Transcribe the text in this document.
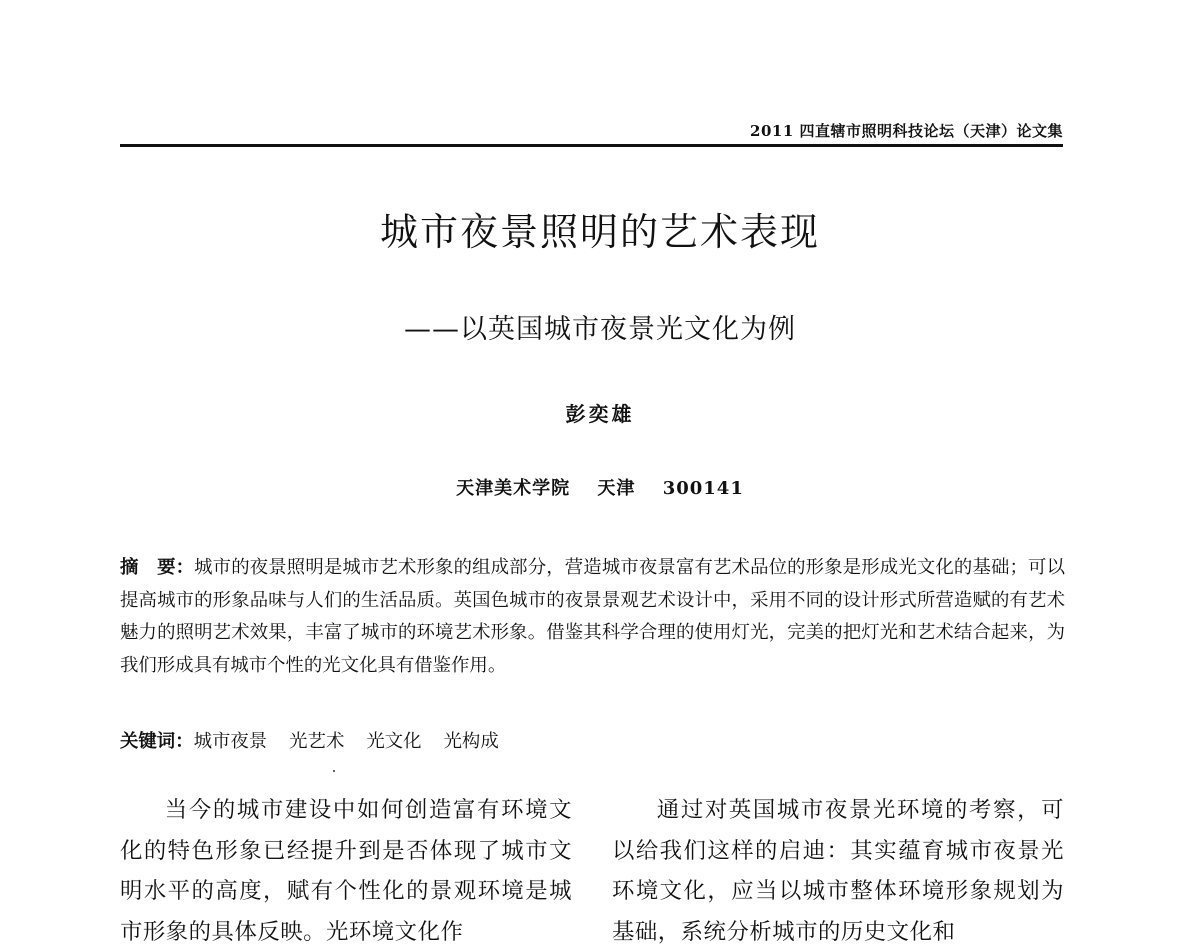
2011 四直辖市照明科技论坛（天津）论文集
城市夜景照明的艺术表现
——以英国城市夜景光文化为例
彭奕雄
天津美术学院 天津 300141
摘　要：城市的夜景照明是城市艺术形象的组成部分，营造城市夜景富有艺术品位的形象是形成光文化的基础；可以提高城市的形象品味与人们的生活品质。英国色城市的夜景景观艺术设计中，采用不同的设计形式所营造赋的有艺术魅力的照明艺术效果，丰富了城市的环境艺术形象。借鉴其科学合理的使用灯光，完美的把灯光和艺术结合起来，为我们形成具有城市个性的光文化具有借鉴作用。
关键词：城市夜景 光艺术 光文化 光构成

当今的城市建设中如何创造富有环境文化的特色形象已经提升到是否体现了城市文明水平的高度，赋有个性化的景观环境是城市形象的具体反映。光环境文化作

通过对英国城市夜景光环境的考察，可以给我们这样的启迪：其实蕴育城市夜景光环境文化，应当以城市整体环境形象规划为基础，系统分析城市的历史文化和
